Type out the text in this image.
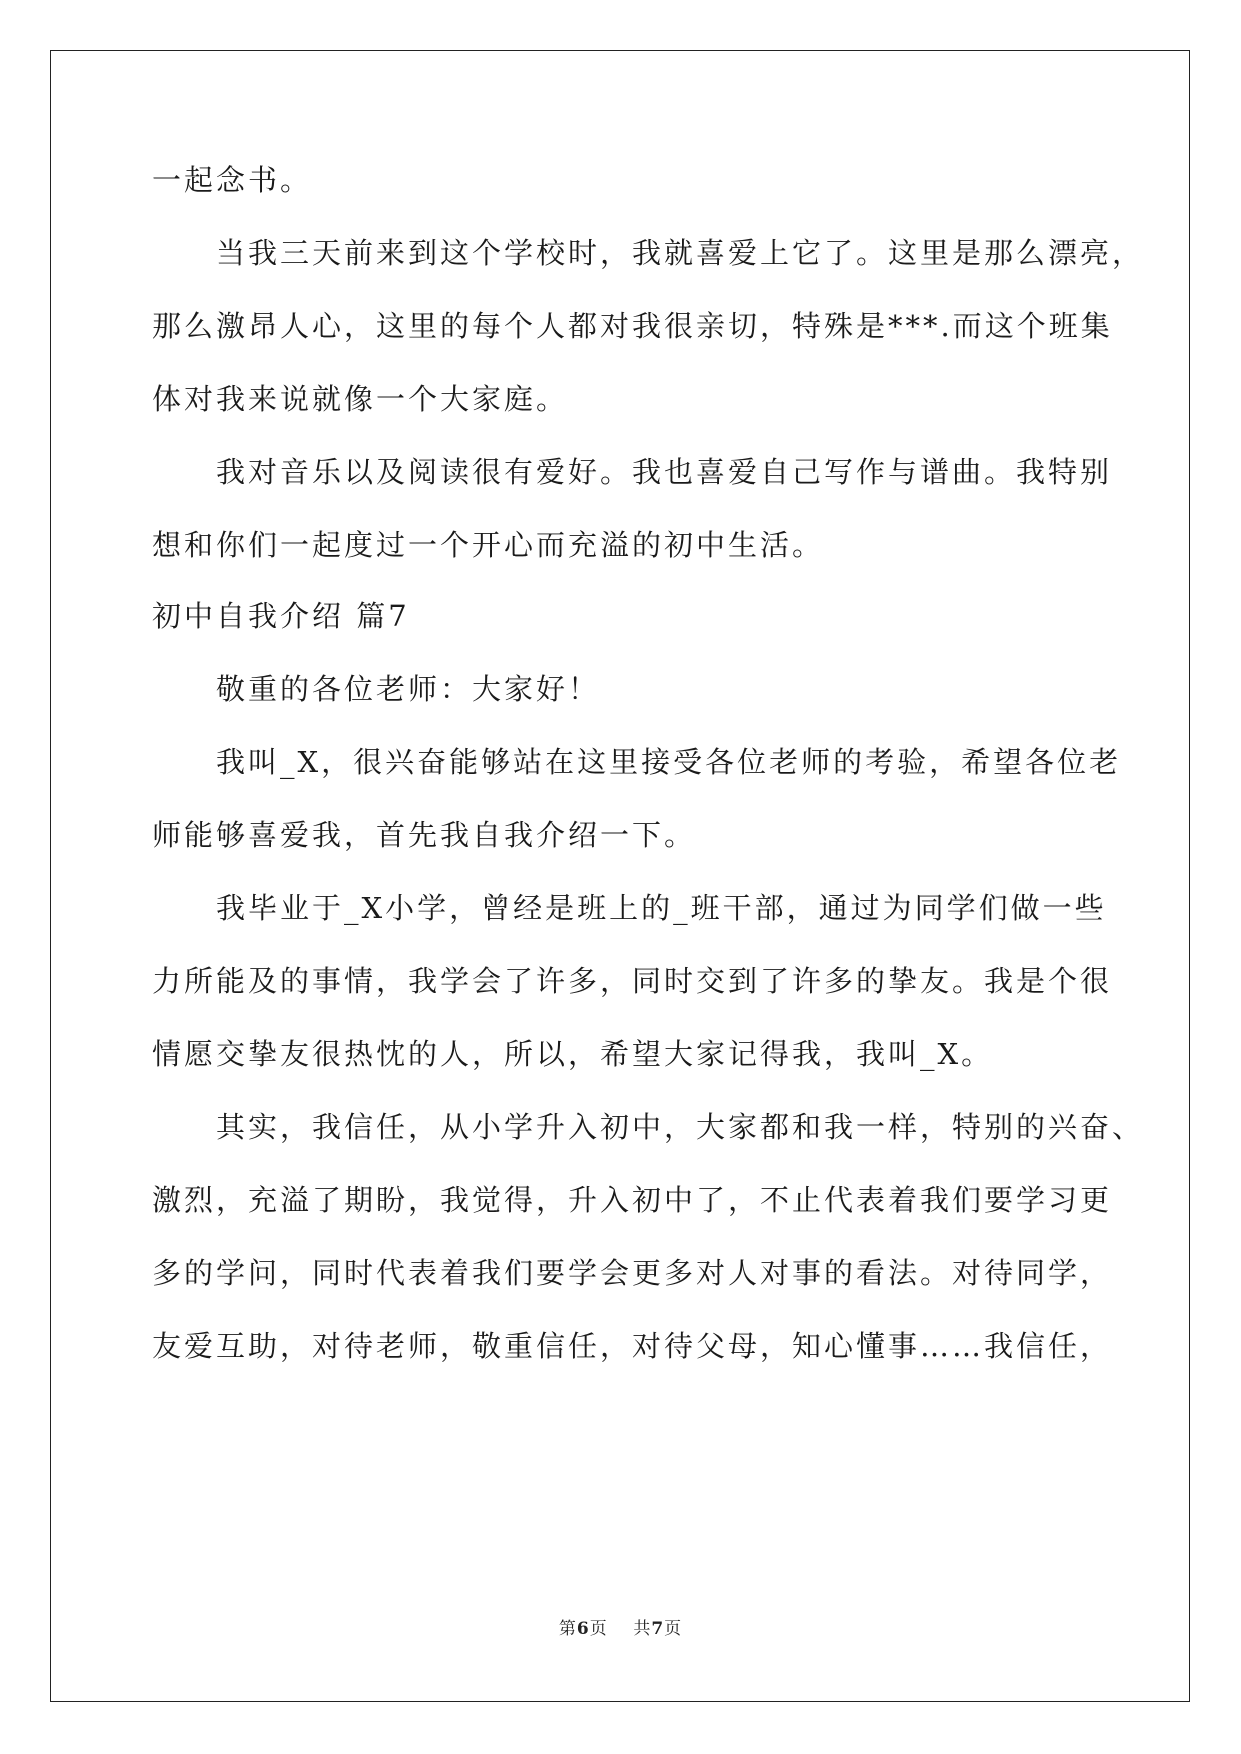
一起念书。
当我三天前来到这个学校时，我就喜爱上它了。这里是那么漂亮，
那么激昂人心，这里的每个人都对我很亲切，特殊是***.而这个班集
体对我来说就像一个大家庭。
我对音乐以及阅读很有爱好。我也喜爱自己写作与谱曲。我特别
想和你们一起度过一个开心而充溢的初中生活。
初中自我介绍 篇7
敬重的各位老师：大家好！
我叫_X，很兴奋能够站在这里接受各位老师的考验，希望各位老
师能够喜爱我，首先我自我介绍一下。
我毕业于_X小学，曾经是班上的_班干部，通过为同学们做一些
力所能及的事情，我学会了许多，同时交到了许多的挚友。我是个很
情愿交挚友很热忱的人，所以，希望大家记得我，我叫_X。
其实，我信任，从小学升入初中，大家都和我一样，特别的兴奋、
激烈，充溢了期盼，我觉得，升入初中了，不止代表着我们要学习更
多的学问，同时代表着我们要学会更多对人对事的看法。对待同学，
友爱互助，对待老师，敬重信任，对待父母，知心懂事……我信任，
第6页 共7页
